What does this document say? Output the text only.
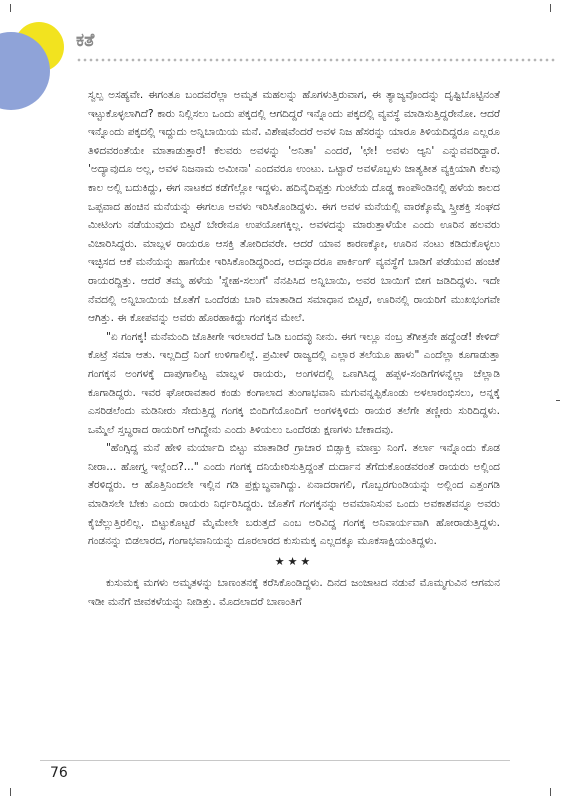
ಕತೆ

ಸ್ವಲ್ಪ ಅಸಹ್ಯವೇ. ಈಗಂತೂ ಬಂದವರೆಲ್ಲಾ ಅಮೃತ ಮಹಲನ್ನು ಹೊಗಳುತ್ತಿರುವಾಗ, ಈ ತ್ಯಾಜ್ಯವೊಂದನ್ನು ದೃಷ್ಟಿಬೊಟ್ಟಿನಂತೆ ಇಟ್ಟುಕೊಳ್ಳಲಾಗಿದೆ? ಕಾರು ನಿಲ್ಲಿಸಲು ಒಂದು ಪಕ್ಕದಲ್ಲಿ ಆಗದಿದ್ದರೆ ಇನ್ನೊಂದು ಪಕ್ಕದಲ್ಲಿ ವ್ಯವಸ್ಥೆ ಮಾಡಿಸುತ್ತಿದ್ದರೇನೋ. ಆದರೆ ಇನ್ನೊಂದು ಪಕ್ಕದಲ್ಲಿ ಇದ್ದುದು ಅನ್ನಿಬಾಯಿಯ ಮನೆ. ವಿಶೇಷವೆಂದರೆ ಅವಳ ನಿಜ ಹೆಸರನ್ನು ಯಾರೂ ತಿಳಿಯದಿದ್ದರೂ ಎಲ್ಲರೂ ತಿಳಿದವರಂತೆಯೇ ಮಾತಾಡುತ್ತಾರೆ! ಕೆಲವರು ಅವಳನ್ನು 'ಅನಿತಾ' ಎಂದರೆ, 'ಛೇ! ಅವಳು ಆ್ಯನಿ' ಎನ್ನುವವರಿದ್ದಾರೆ. 'ಅದ್ಯಾವುದೂ ಅಲ್ಲ, ಅವಳ ನಿಜನಾಮ ಅಮೀನಾ' ಎಂದವರೂ ಉಂಟು. ಒಟ್ಟಾರೆ ಅವಳೊಬ್ಬಳು ಜಾತ್ಯತೀತ ವ್ಯಕ್ತಿಯಾಗಿ ಕೆಲವು ಕಾಲ ಅಲ್ಲಿ ಬದುಕಿದ್ದು, ಈಗ ನಾಟಕದ ಕಡೆಗೆಲ್ಲೋ ಇದ್ದಳು. ಹದಿನೈದಿಪ್ಪತ್ತು ಗುಂಟೆಯ ದೊಡ್ಡ ಕಾಂಪೌಂಡಿನಲ್ಲಿ ಹಳೆಯ ಕಾಲದ ಒಪ್ಪವಾದ ಹಂಚಿನ ಮನೆಯನ್ನು ಈಗಲೂ ಅವಳು ಇರಿಸಿಕೊಂಡಿದ್ದಳು. ಈಗ ಅವಳ ಮನೆಯಲ್ಲಿ ವಾರಕ್ಕೊಮ್ಮೆ ಸ್ತ್ರೀಶಕ್ತಿ ಸಂಘದ ಮೀಟಿಂಗು ನಡೆಯುವುದು ಬಿಟ್ಟರೆ ಬೇರೇನೂ ಉಪಯೋಗಕ್ಕಿಲ್ಲ. ಅವಳದನ್ನು ಮಾರುತ್ತಾಳೆಯೇ ಎಂದು ಊರಿನ ಹಲವರು ವಿಚಾರಿಸಿದ್ದರು. ಮಾಬ್ಲಳ ರಾಯರೂ ಆಸಕ್ತಿ ತೋರಿದವರೇ. ಆದರೆ ಯಾವ ಕಾರಣಕ್ಕೋ, ಊರಿನ ನಂಟು ಕಡಿದುಕೊಳ್ಳಲು ಇಚ್ಛಿಸದ ಆಕೆ ಮನೆಯನ್ನು ಹಾಗೆಯೇ ಇರಿಸಿಕೊಂಡಿದ್ದರಿಂದ, ಅದನ್ನಾದರೂ ಪಾರ್ಕಿಂಗ್ ವ್ಯವಸ್ಥೆಗೆ ಬಾಡಿಗೆ ಪಡೆಯುವ ಹಂಚಿಕೆ ರಾಯರದ್ದಿತ್ತು. ಆದರೆ ತಮ್ಮ ಹಳೆಯ 'ಸ್ನೇಹ-ಸಲುಗೆ' ನೆನಪಿಸಿದ ಅನ್ನಿಬಾಯಿ, ಅವರ ಬಾಯಿಗೆ ಬೀಗ ಜಡಿದಿದ್ದಳು. ಇದೇ ನೆವದಲ್ಲಿ ಅನ್ನಿಬಾಯಿಯ ಜೊತೆಗೆ ಒಂದೆರಡು ಬಾರಿ ಮಾತಾಡಿದ ಸಮಾಧಾನ ಬಿಟ್ಟರೆ, ಊರಿನಲ್ಲಿ ರಾಯರಿಗೆ ಮುಖಭಂಗವೇ ಆಗಿತ್ತು. ಈ ಕೋಪವನ್ನು ಅವರು ಹೊರಹಾಕಿದ್ದು ಗಂಗಕ್ಕನ ಮೇಲೆ.

"ಏ ಗಂಗಕ್ಕ! ಮನೆಮಂದಿ ಜೊತೀಗೇ ಇರಲಾರದೆ ಓಡಿ ಬಂದವ್ಳು ನೀನು. ಈಗ ಇಲ್ಲೂ ನಂಬ್ರ ತೆಗೀತ್ತನೇ ಹದ್ದೆಂಡೆ! ಕೇಳಿದ್ ಕೊಟ್ರೆ ಸಮಾ ಆತು. ಇಲ್ಲದಿದ್ರೆ ನಿಂಗೆ ಉಳಿಗಾಲಿಲ್ಲೆ. ಪ್ರಮೀಳೆ ರಾಜ್ಯದಲ್ಲಿ ಎಲ್ಲಾರ ತಲೆಯೂ ಹಾಳು" ಎಂದೆಲ್ಲಾ ಕೂಗಾಡುತ್ತಾ ಗಂಗಕ್ಕನ ಅಂಗಳಕ್ಕೆ ದಾಪುಗಾಲಿಟ್ಟ ಮಾಬ್ಲಳ ರಾಯರು, ಅಂಗಳದಲ್ಲಿ ಒಣಗಿಸಿದ್ದ ಹಪ್ಪಳ-ಸಂಡಿಗೆಗಳನ್ನೆಲ್ಲಾ ಚೆಲ್ಲಾಡಿ ಕೂಗಾಡಿದ್ದರು. ಇವರ ಘೋರಾವತಾರ ಕಂಡು ಕಂಗಾಲಾದ ತುಂಗಾಭವಾನಿ ಮಗುವನ್ನಪ್ಪಿಕೊಂಡು ಅಳಲಾರಂಭಿಸಲು, ಅನ್ನಕ್ಕೆ ಎಸರಿಡಲೆಂದು ಮಡಿನೀರು ಸೇದುತ್ತಿದ್ದ ಗಂಗಕ್ಕ ಬಿಂದಿಗೆಯೊಂದಿಗೆ ಅಂಗಳಕ್ಕಿಳಿದು ರಾಯರ ತಲೆಗೇ ತಣ್ಣೀರು ಸುರಿದಿದ್ದಳು. ಒಮ್ಮೆಲೆ ಸ್ತಬ್ಧರಾದ ರಾಯರಿಗೆ ಆಗಿದ್ದೇನು ಎಂದು ತಿಳಿಯಲು ಒಂದೆರಡು ಕ್ಷಣಗಳು ಬೇಕಾದವು.

"ಹೆಂಗ್ಸಿದ್ದ ಮನೆ ಹೇಳಿ ಮರ್ಯಾದಿ ಬಿಟ್ಟು ಮಾತಾಡಿರೆ ಗ್ರಾಚಾರ ಬಿಡ್ಸಾಕ್ತಿ ಮಾಣ್ತು ನಿಂಗೆ. ತರ್ಲಾ ಇನ್ನೊಂದು ಕೊಡ ನೀರಾ... ಹೋಗ್ತ್ಯ ಇಲ್ಲೆಂದ?..." ಎಂದು ಗಂಗಕ್ಕ ದನಿಯೇರಿಸುತ್ತಿದ್ದಂತೆ ದುರ್ದಾನ ತೆಗೆದುಕೊಂಡವರಂತೆ ರಾಯರು ಅಲ್ಲಿಂದ ತೆರಳಿದ್ದರು. ಆ ಹೊತ್ತಿನಿಂದಲೇ ಇಲ್ಲಿನ ಗಡಿ ಪ್ರಕ್ಷುಬ್ಧವಾಗಿದ್ದು. ಏನಾದರಾಗಲಿ, ಗೊಬ್ಬರಗುಂಡಿಯನ್ನು ಅಲ್ಲಿಂದ ಎತ್ತಂಗಡಿ ಮಾಡಿಸಲೇ ಬೇಕು ಎಂದು ರಾಯರು ನಿರ್ಧರಿಸಿದ್ದರು. ಜೊತೆಗೆ ಗಂಗಕ್ಕನನ್ನು ಅವಮಾನಿಸುವ ಒಂದು ಅವಕಾಶವನ್ನೂ ಅವರು ಕೈಚೆಲ್ಲುತ್ತಿರಲಿಲ್ಲ. ಬಿಟ್ಟುಕೊಟ್ಟರೆ ಮೈಮೇಲೇ ಬರುತ್ತದೆ ಎಂಬ ಅರಿವಿದ್ದ ಗಂಗಕ್ಕ ಅನಿವಾರ್ಯವಾಗಿ ಹೋರಾಡುತ್ತಿದ್ದಳು. ಗಂಡನನ್ನು ಬಿಡಲಾರದ, ಗಂಗಾಭವಾನಿಯನ್ನು ದೂರಲಾರದ ಕುಸುಮಕ್ಕ ಎಲ್ಲದಕ್ಕೂ ಮೂಕಸಾಕ್ಷಿಯಂತಿದ್ದಳು.

★★★

ಕುಸುಮಕ್ಕ ಮಗಳು ಅಮೃತಳನ್ನು ಬಾಣಂತನಕ್ಕೆ ಕರೆಸಿಕೊಂಡಿದ್ದಳು. ದಿನದ ಜಂಜಾಟದ ನಡುವೆ ಮೊಮ್ಮಗುವಿನ ಆಗಮನ ಇಡೀ ಮನೆಗೆ ಜೀವಕಳೆಯನ್ನು ನೀಡಿತ್ತು. ಮೊದಲಾದರೆ ಬಾಣಂತಿಗೆ

76
